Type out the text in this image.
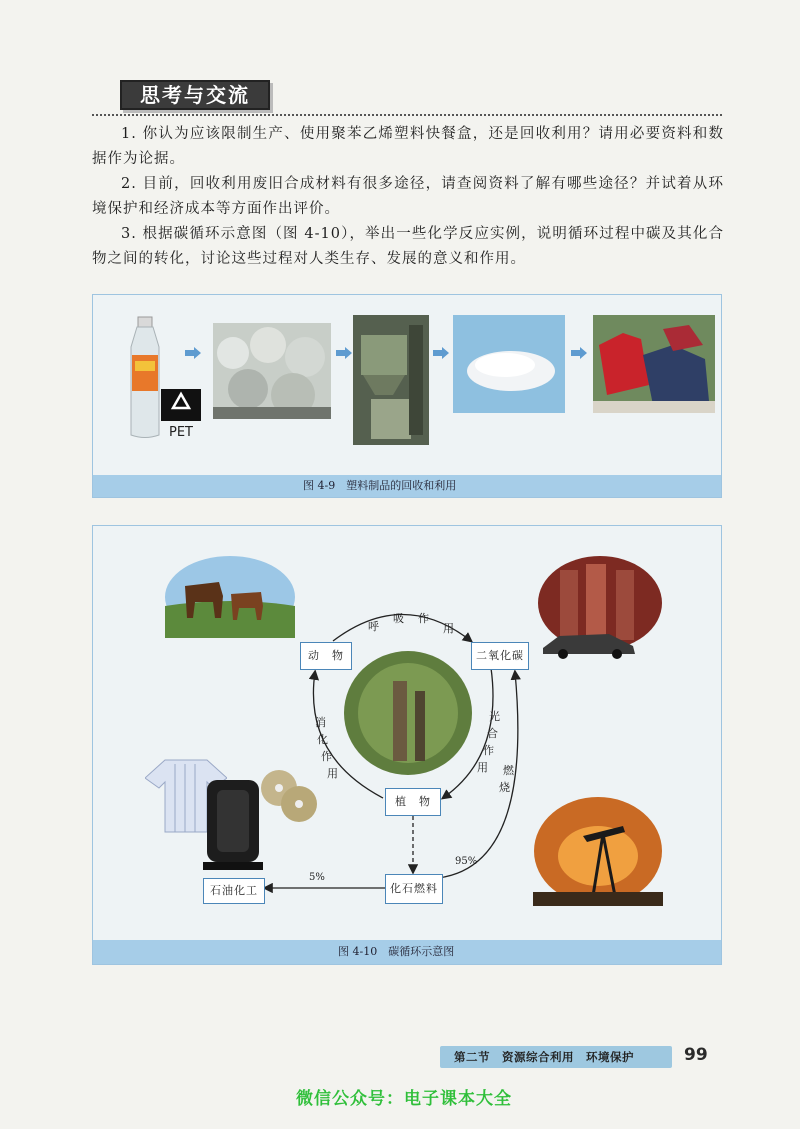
思考与交流

1. 你认为应该限制生产、使用聚苯乙烯塑料快餐盒，还是回收利用？请用必要资料和数据作为论据。

2. 目前，回收利用废旧合成材料有很多途径，请查阅资料了解有哪些途径？并试着从环境保护和经济成本等方面作出评价。

3. 根据碳循环示意图（图 4-10），举出一些化学反应实例，说明循环过程中碳及其化合物之间的转化，讨论这些过程对人类生存、发展的意义和作用。

PET
图 4-9　塑料制品的回收和利用
动　物	二氧化碳
植　物
化石燃料
石油化工
呼
吸 作
用
消
化
作
用
光
合
作
用	燃
烧
5%
95%
图 4-10　碳循环示意图
第二节　资源综合利用　环境保护	99
微信公众号：电子课本大全
